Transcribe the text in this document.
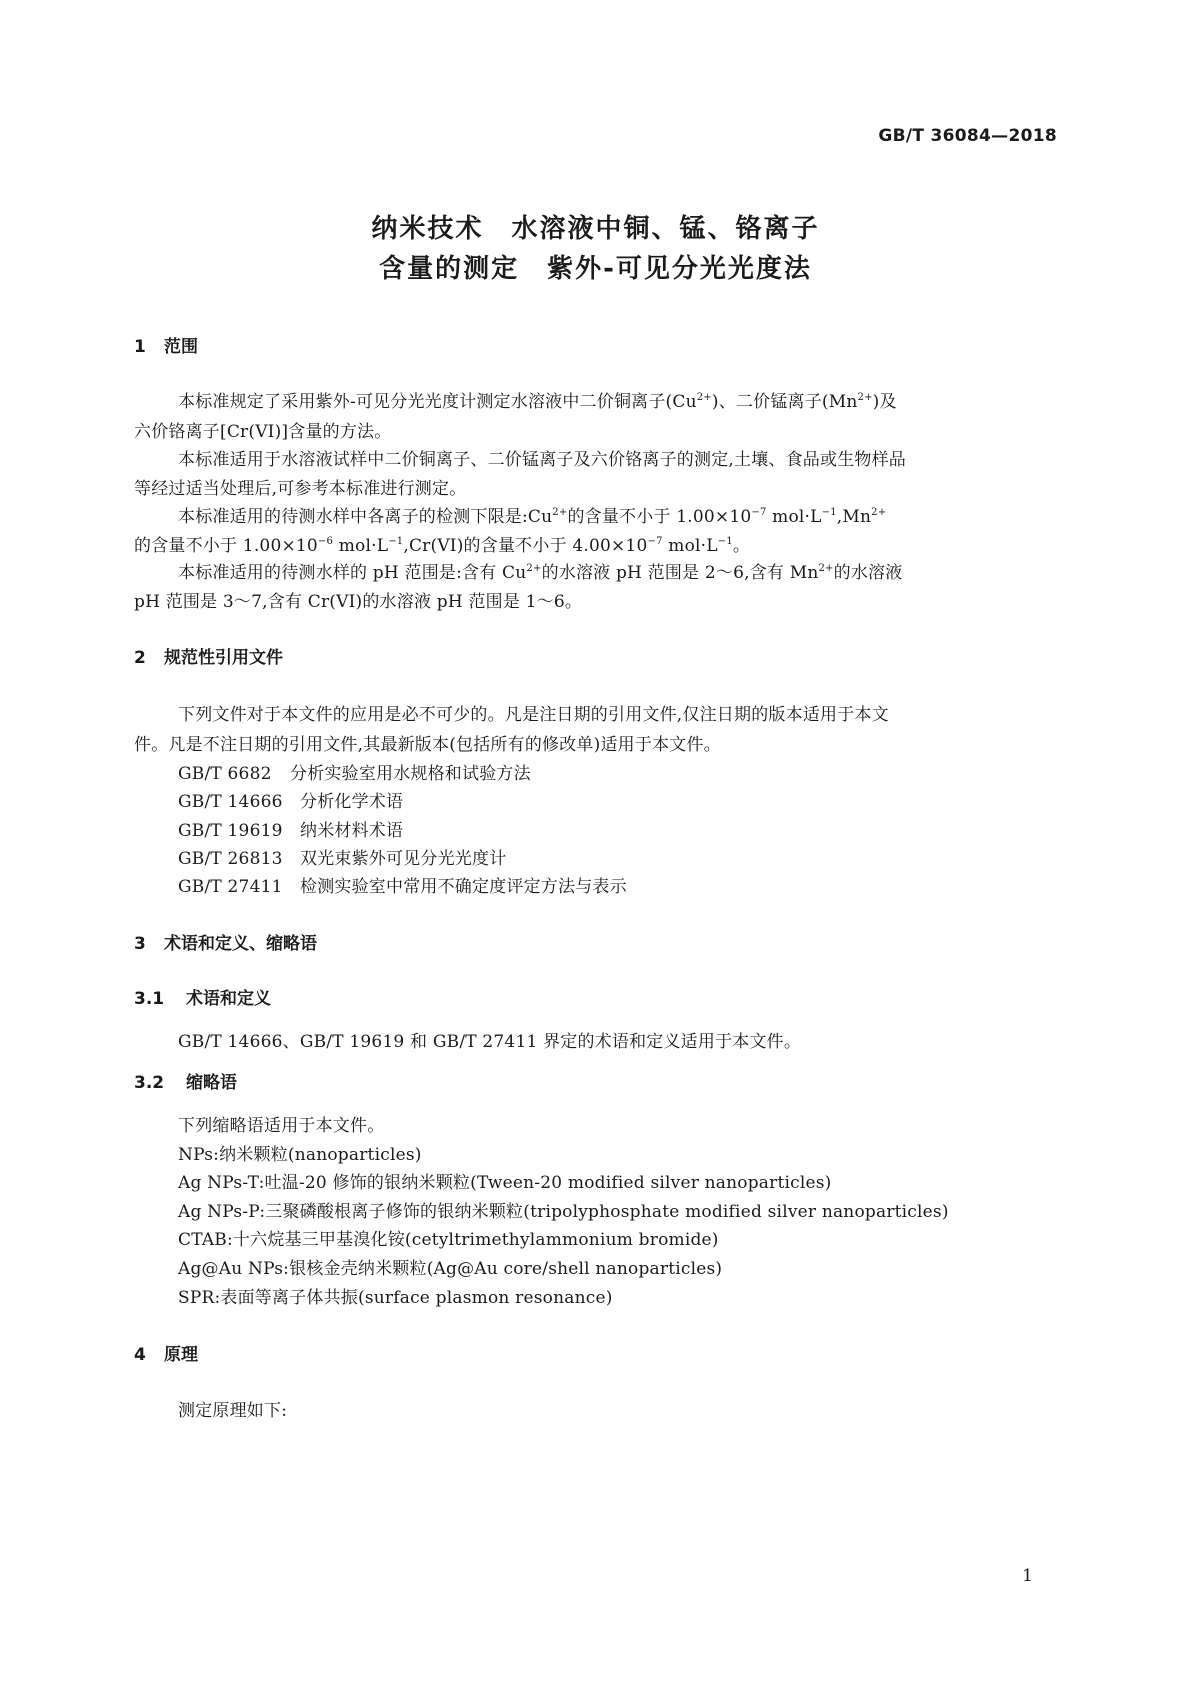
GB/T 36084—2018
纳米技术　水溶液中铜、锰、铬离子
含量的测定　紫外-可见分光光度法
1 范围
本标准规定了采用紫外-可见分光光度计测定水溶液中二价铜离子$(Cu^{2+})$、二价锰离子$(Mn^{2+})$及
六价铬离子[Cr(VI)]含量的方法。
本标准适用于水溶液试样中二价铜离子、二价锰离子及六价铬离子的测定,土壤、食品或生物样品
等经过适当处理后,可参考本标准进行测定。
本标准适用的待测水样中各离子的检测下限是$:Cu^{2+}$的含量不小于 $1.00\times 10^{-7}$ $mol\cdot L^{-1},Mn^{2+}$
的含量不小于 $1.00\times 10^{-6}$ $mol\cdot L^{-1},Cr(VI)$的含量不小于 $4.00\times 10^{-7}$ $mol\cdot L^{-1}$。
本标准适用的待测水样的 pH 范围是:含有 $Cu^{2+}$的水溶液 pH 范围是 2～6,含有 $Mn^{2+}$的水溶液
pH 范围是 3～7,含有 Cr(VI)的水溶液 pH 范围是 1～6。
2 规范性引用文件
下列文件对于本文件的应用是必不可少的。凡是注日期的引用文件,仅注日期的版本适用于本文
件。凡是不注日期的引用文件,其最新版本(包括所有的修改单)适用于本文件。
GB/T 6682 分析实验室用水规格和试验方法
GB/T 14666 分析化学术语
GB/T 19619 纳米材料术语
GB/T 26813 双光束紫外可见分光光度计
GB/T 27411 检测实验室中常用不确定度评定方法与表示
3 术语和定义、缩略语
3.1 术语和定义
GB/T 14666、GB/T 19619 和 GB/T 27411 界定的术语和定义适用于本文件。
3.2 缩略语
下列缩略语适用于本文件。
NPs:纳米颗粒(nanoparticles)
Ag NPs-T:吐温-20 修饰的银纳米颗粒(Tween-20 modified silver nanoparticles)
Ag NPs-P:三聚磷酸根离子修饰的银纳米颗粒(tripolyphosphate modified silver nanoparticles)
CTAB:十六烷基三甲基溴化铵(cetyltrimethylammonium bromide)
Ag@Au NPs:银核金壳纳米颗粒(Ag@Au core/shell nanoparticles)
SPR:表面等离子体共振(surface plasmon resonance)
4 原理
测定原理如下:
1
